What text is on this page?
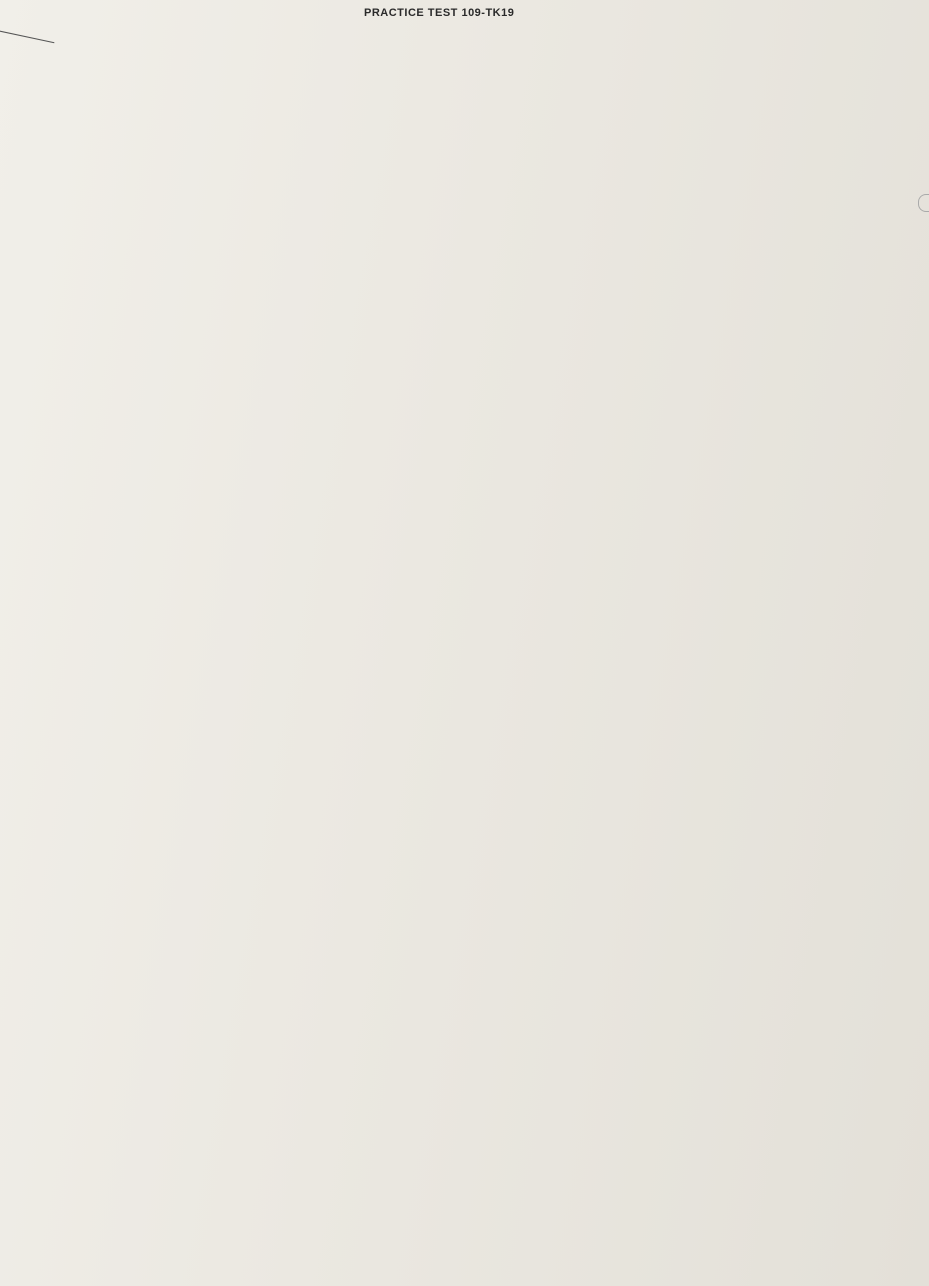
PRACTICE TEST 109-TK19
